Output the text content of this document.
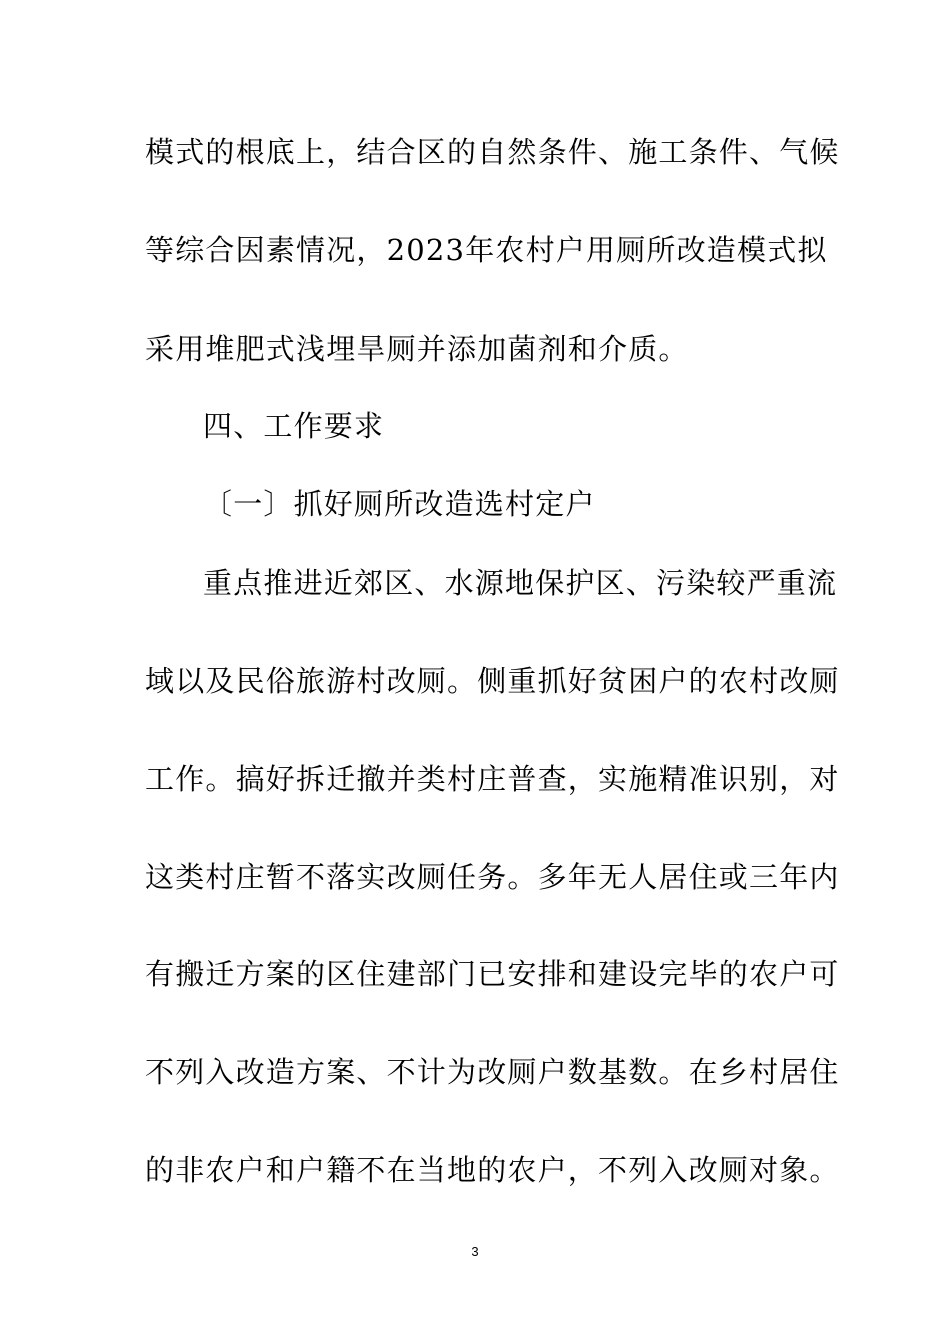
模式的根底上，结合区的自然条件、施工条件、气候
等综合因素情况，2023年农村户用厕所改造模式拟
采用堆肥式浅埋旱厕并添加菌剂和介质。
四、工作要求
〔一〕抓好厕所改造选村定户
重点推进近郊区、水源地保护区、污染较严重流
域以及民俗旅游村改厕。侧重抓好贫困户的农村改厕
工作。搞好拆迁撤并类村庄普查，实施精准识别，对
这类村庄暂不落实改厕任务。多年无人居住或三年内
有搬迁方案的区住建部门已安排和建设完毕的农户可
不列入改造方案、不计为改厕户数基数。在乡村居住
的非农户和户籍不在当地的农户，不列入改厕对象。
3
